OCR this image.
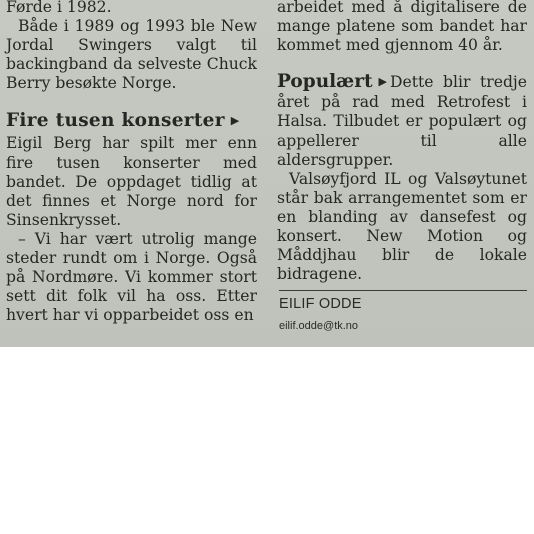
Førde i 1982.

Både i 1989 og 1993 ble New Jordal Swingers valgt til backingband da selveste Chuck Berry besøkte Norge.

Fire tusen konserter ▶

Eigil Berg har spilt mer enn fire tusen konserter med bandet. De oppdaget tidlig at det finnes et Norge nord for Sinsenkrysset.

– Vi har vært utrolig mange steder rundt om i Norge. Også på Nordmøre. Vi kommer stort sett dit folk vil ha oss. Etter hvert har vi opparbeidet oss en

arbeidet med å digitalisere de mange platene som bandet har kommet med gjennom 40 år.

Populært ▶ Dette blir tredje året på rad med Retrofest i Halsa. Tilbudet er populært og appellerer til alle aldersgrupper.

Valsøyfjord IL og Valsøytunet står bak arrangementet som er en blanding av dansefest og konsert. New Motion og Måddjhau blir de lokale bidragene.

EILIF ODDE
eilif.odde@tk.no
